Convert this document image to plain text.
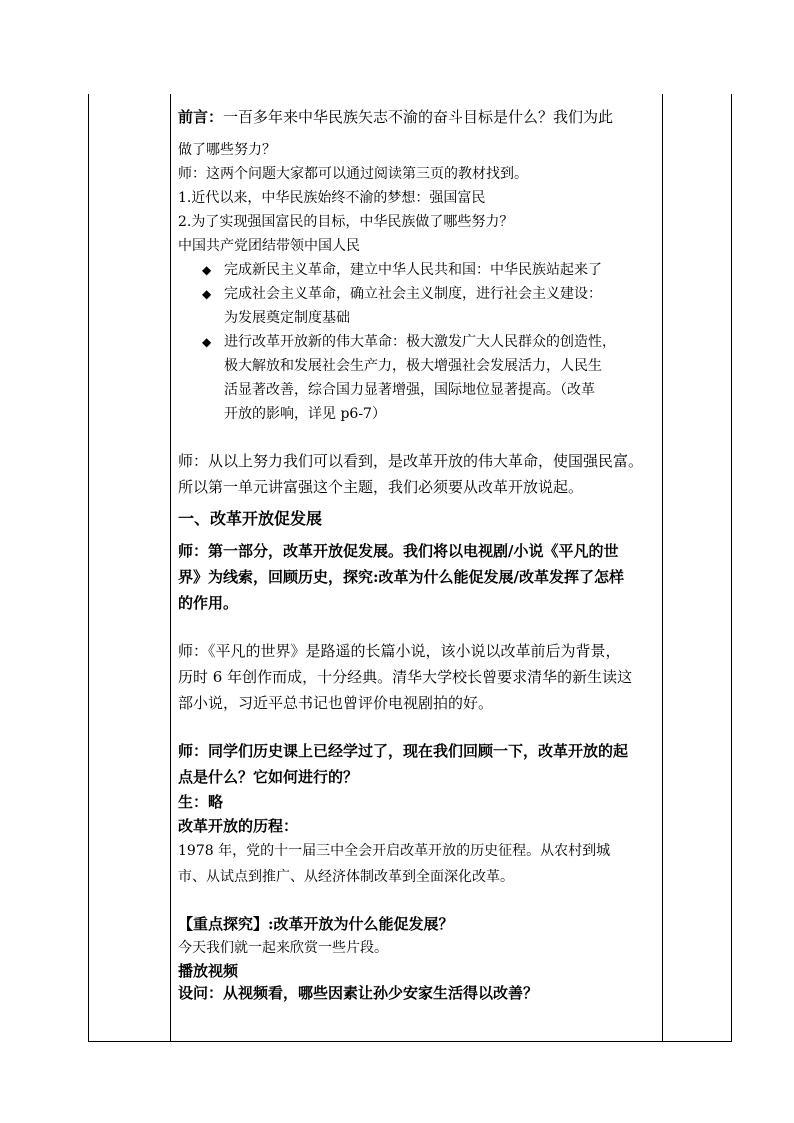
前言：一百多年来中华民族矢志不渝的奋斗目标是什么？我们为此

做了哪些努力？

师：这两个问题大家都可以通过阅读第三页的教材找到。

1.近代以来，中华民族始终不渝的梦想：强国富民

2.为了实现强国富民的目标，中华民族做了哪些努力？

中国共产党团结带领中国人民

◆ 完成新民主义革命，建立中华人民共和国：中华民族站起来了
◆ 完成社会主义革命，确立社会主义制度，进行社会主义建设：
为发展奠定制度基础
◆ 进行改革开放新的伟大革命：极大激发广大人民群众的创造性，
极大解放和发展社会生产力，极大增强社会发展活力，人民生
活显著改善，综合国力显著增强，国际地位显著提高。（改革
开放的影响，详见 p6-7）

师：从以上努力我们可以看到，是改革开放的伟大革命，使国强民富。

所以第一单元讲富强这个主题，我们必须要从改革开放说起。

一、改革开放促发展

师：第一部分，改革开放促发展。我们将以电视剧/小说《平凡的世

界》为线索，回顾历史，探究:改革为什么能促发展/改革发挥了怎样

的作用。

师：《平凡的世界》是路遥的长篇小说，该小说以改革前后为背景，

历时 6 年创作而成，十分经典。清华大学校长曾要求清华的新生读这

部小说，习近平总书记也曾评价电视剧拍的好。

师：同学们历史课上已经学过了，现在我们回顾一下，改革开放的起

点是什么？它如何进行的？

生：略

改革开放的历程：

1978 年，党的十一届三中全会开启改革开放的历史征程。从农村到城

市、从试点到推广、从经济体制改革到全面深化改革。

【重点探究】:改革开放为什么能促发展？

今天我们就一起来欣赏一些片段。

播放视频

设问：从视频看，哪些因素让孙少安家生活得以改善？
